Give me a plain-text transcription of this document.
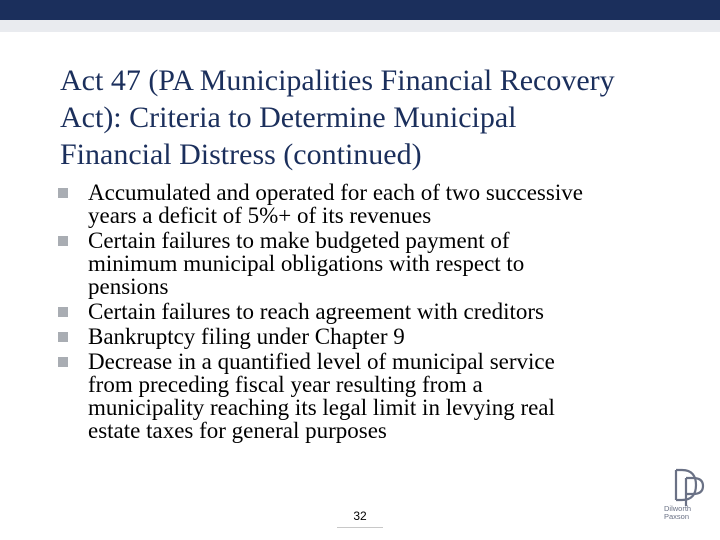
Act 47 (PA Municipalities Financial Recovery
Act): Criteria to Determine Municipal
Financial Distress (continued)
Accumulated and operated for each of two successive
years a deficit of 5%+ of its revenues
Certain failures to make budgeted payment of
minimum municipal obligations with respect to
pensions
Certain failures to reach agreement with creditors
Bankruptcy filing under Chapter 9
Decrease in a quantified level of municipal service
from preceding fiscal year resulting from a
municipality reaching its legal limit in levying real
estate taxes for general purposes
32
Dilworth
Paxson
